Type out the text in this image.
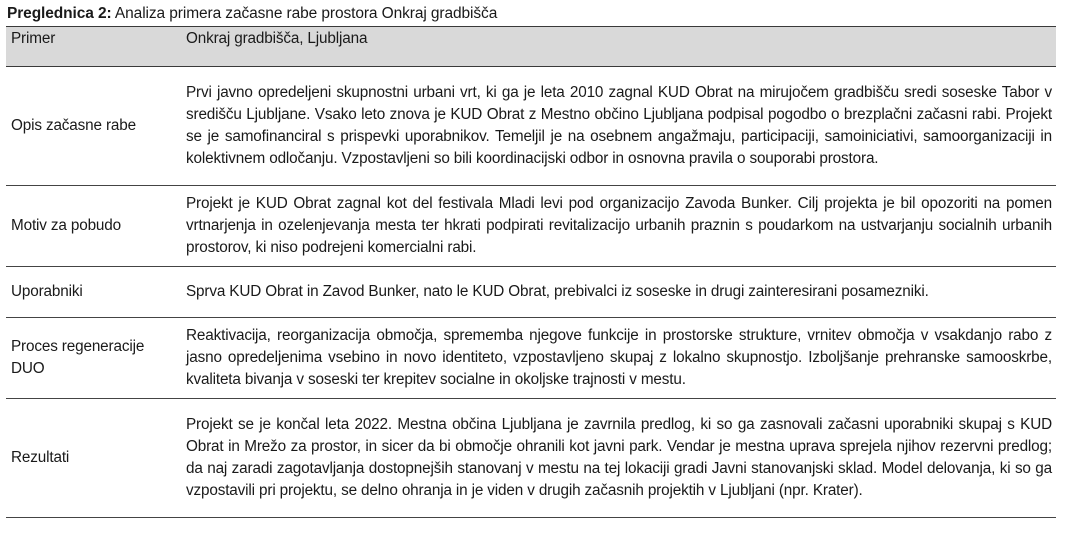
Preglednica 2: Analiza primera začasne rabe prostora Onkraj gradbišča
Primer	Onkraj gradbišča, Ljubljana
Opis začasne rabe	Prvi javno opredeljeni skupnostni urbani vrt, ki ga je leta 2010 zagnal KUD Obrat na mirujočem gradbišču sredi soseske Tabor v središču Ljubljane. Vsako leto znova je KUD Obrat z Mestno občino Ljubljana podpisal pogodbo o brezplačni začasni rabi. Projekt se je samofinanciral s prispevki uporabnikov. Temeljil je na osebnem angažmaju, participaciji, samoiniciativi, samoorganizaciji in kolektivnem odločanju. Vzpostavljeni so bili koordinacijski odbor in osnovna pravila o souporabi prostora.
Motiv za pobudo	Projekt je KUD Obrat zagnal kot del festivala Mladi levi pod organizacijo Zavoda Bunker. Cilj projekta je bil opozoriti na pomen vrtnarjenja in ozelenjevanja mesta ter hkrati podpirati revitalizacijo urbanih praznin s poudarkom na ustvarjanju socialnih urbanih prostorov, ki niso podrejeni komercialni rabi.
Uporabniki	Sprva KUD Obrat in Zavod Bunker, nato le KUD Obrat, prebivalci iz soseske in drugi zainteresirani posamezniki.
Proces regeneracije DUO	Reaktivacija, reorganizacija območja, sprememba njegove funkcije in prostorske strukture, vrnitev območja v vsakdanjo rabo z jasno opredeljenima vsebino in novo identiteto, vzpostavljeno skupaj z lokalno skupnostjo. Izboljšanje prehranske samooskrbe, kvaliteta bivanja v soseski ter krepitev socialne in okoljske trajnosti v mestu.
Rezultati	Projekt se je končal leta 2022. Mestna občina Ljubljana je zavrnila predlog, ki so ga zasnovali začasni uporabniki skupaj s KUD Obrat in Mrežo za prostor, in sicer da bi območje ohranili kot javni park. Vendar je mestna uprava sprejela njihov rezervni predlog; da naj zaradi zagotavljanja dostopnejših stanovanj v mestu na tej lokaciji gradi Javni stanovanjski sklad. Model delovanja, ki so ga vzpostavili pri projektu, se delno ohranja in je viden v drugih začasnih projektih v Ljubljani (npr. Krater).
